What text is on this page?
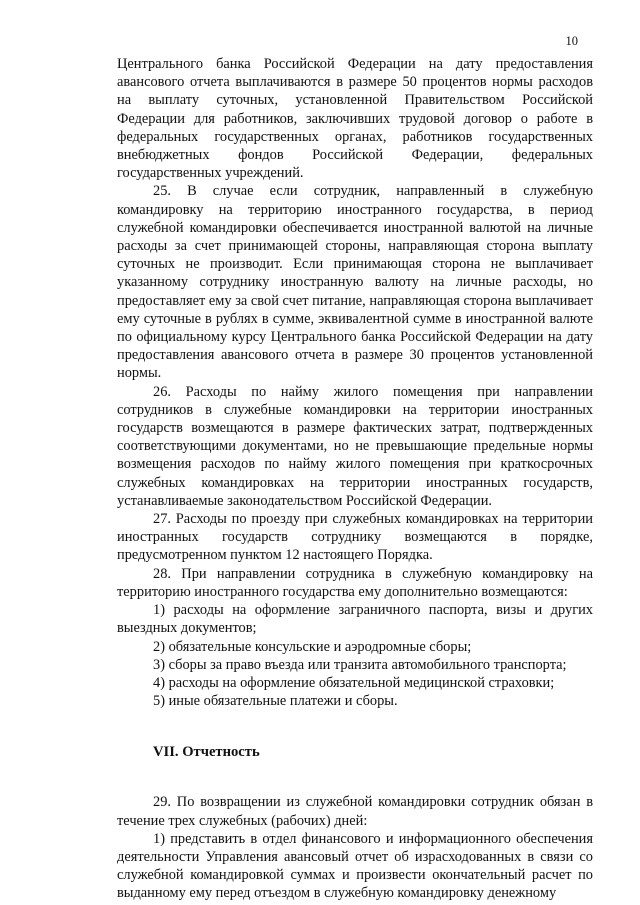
10

Центрального банка Российской Федерации на дату предоставления авансового отчета выплачиваются в размере 50 процентов нормы расходов на выплату суточных, установленной Правительством Российской Федерации для работников, заключивших трудовой договор о работе в федеральных государственных органах, работников государственных внебюджетных фондов Российской Федерации, федеральных государственных учреждений.

25. В случае если сотрудник, направленный в служебную командировку на территорию иностранного государства, в период служебной командировки обеспечивается иностранной валютой на личные расходы за счет принимающей стороны, направляющая сторона выплату суточных не производит. Если принимающая сторона не выплачивает указанному сотруднику иностранную валюту на личные расходы, но предоставляет ему за свой счет питание, направляющая сторона выплачивает ему суточные в рублях в сумме, эквивалентной сумме в иностранной валюте по официальному курсу Центрального банка Российской Федерации на дату предоставления авансового отчета в размере 30 процентов установленной нормы.

26. Расходы по найму жилого помещения при направлении сотрудников в служебные командировки на территории иностранных государств возмещаются в размере фактических затрат, подтвержденных соответствующими документами, но не превышающие предельные нормы возмещения расходов по найму жилого помещения при краткосрочных служебных командировках на территории иностранных государств, устанавливаемые законодательством Российской Федерации.

27. Расходы по проезду при служебных командировках на территории иностранных государств сотруднику возмещаются в порядке, предусмотренном пунктом 12 настоящего Порядка.

28. При направлении сотрудника в служебную командировку на территорию иностранного государства ему дополнительно возмещаются:

1) расходы на оформление заграничного паспорта, визы и других выездных документов;

2) обязательные консульские и аэродромные сборы;

3) сборы за право въезда или транзита автомобильного транспорта;

4) расходы на оформление обязательной медицинской страховки;

5) иные обязательные платежи и сборы.

VII. Отчетность

29. По возвращении из служебной командировки сотрудник обязан в течение трех служебных (рабочих) дней:

1) представить в отдел финансового и информационного обеспечения деятельности Управления авансовый отчет об израсходованных в связи со служебной командировкой суммах и произвести окончательный расчет по выданному ему перед отъездом в служебную командировку денежному
